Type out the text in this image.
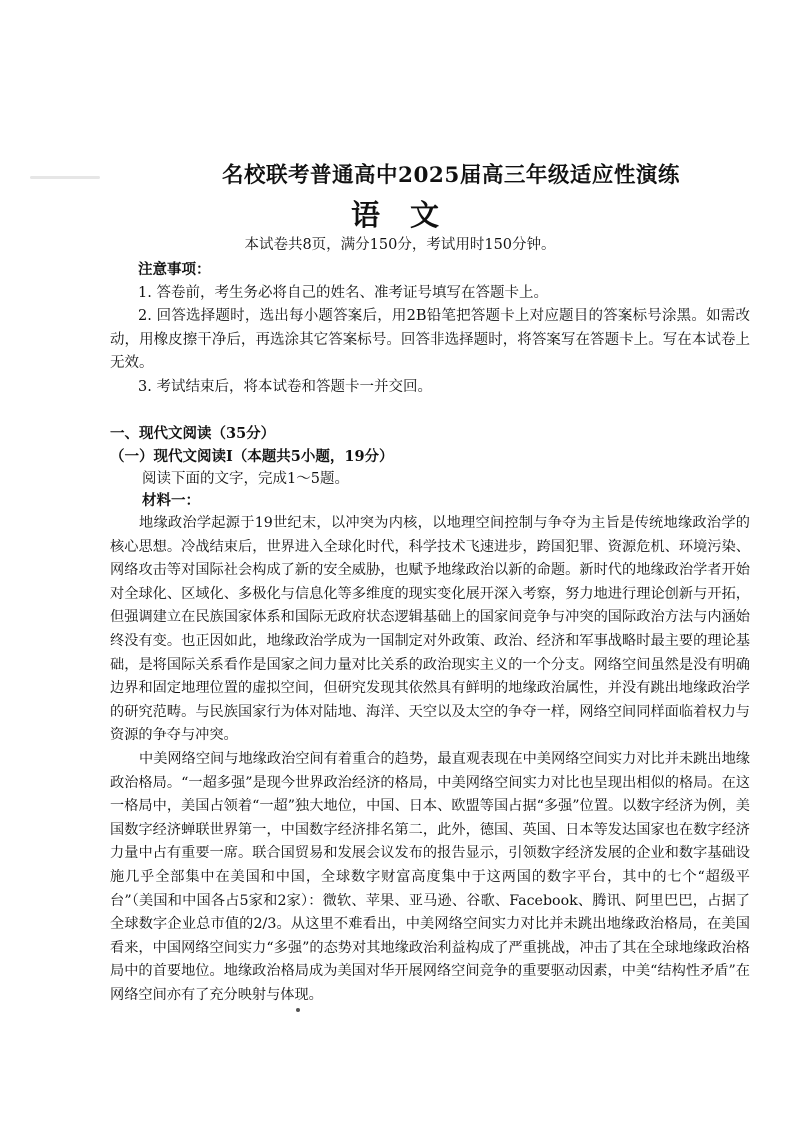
名校联考普通高中2025届高三年级适应性演练
语 文
本试卷共8页，满分150分，考试用时150分钟。
注意事项：
1. 答卷前，考生务必将自己的姓名、准考证号填写在答题卡上。
2. 回答选择题时，选出每小题答案后，用2B铅笔把答题卡上对应题目的答案标号涂黑。如需改动，用橡皮擦干净后，再选涂其它答案标号。回答非选择题时，将答案写在答题卡上。写在本试卷上无效。
3. 考试结束后，将本试卷和答题卡一并交回。
一、现代文阅读（35分）
（一）现代文阅读Ⅰ（本题共5小题，19分）
阅读下面的文字，完成1～5题。
材料一：

地缘政治学起源于19世纪末，以冲突为内核，以地理空间控制与争夺为主旨是传统地缘政治学的核心思想。冷战结束后，世界进入全球化时代，科学技术飞速进步，跨国犯罪、资源危机、环境污染、网络攻击等对国际社会构成了新的安全威胁，也赋予地缘政治以新的命题。新时代的地缘政治学者开始对全球化、区域化、多极化与信息化等多维度的现实变化展开深入考察，努力地进行理论创新与开拓，但强调建立在民族国家体系和国际无政府状态逻辑基础上的国家间竞争与冲突的国际政治方法与内涵始终没有变。也正因如此，地缘政治学成为一国制定对外政策、政治、经济和军事战略时最主要的理论基础，是将国际关系看作是国家之间力量对比关系的政治现实主义的一个分支。网络空间虽然是没有明确边界和固定地理位置的虚拟空间，但研究发现其依然具有鲜明的地缘政治属性，并没有跳出地缘政治学的研究范畴。与民族国家行为体对陆地、海洋、天空以及太空的争夺一样，网络空间同样面临着权力与资源的争夺与冲突。

中美网络空间与地缘政治空间有着重合的趋势，最直观表现在中美网络空间实力对比并未跳出地缘政治格局。“一超多强”是现今世界政治经济的格局，中美网络空间实力对比也呈现出相似的格局。在这一格局中，美国占领着“一超”独大地位，中国、日本、欧盟等国占据“多强”位置。以数字经济为例，美国数字经济蝉联世界第一，中国数字经济排名第二，此外，德国、英国、日本等发达国家也在数字经济力量中占有重要一席。联合国贸易和发展会议发布的报告显示，引领数字经济发展的企业和数字基础设施几乎全部集中在美国和中国，全球数字财富高度集中于这两国的数字平台，其中的七个“超级平台”（美国和中国各占5家和2家）：微软、苹果、亚马逊、谷歌、Facebook、腾讯、阿里巴巴，占据了全球数字企业总市值的2/3。从这里不难看出，中美网络空间实力对比并未跳出地缘政治格局，在美国看来，中国网络空间实力“多强”的态势对其地缘政治利益构成了严重挑战，冲击了其在全球地缘政治格局中的首要地位。地缘政治格局成为美国对华开展网络空间竞争的重要驱动因素，中美“结构性矛盾”在网络空间亦有了充分映射与体现。
